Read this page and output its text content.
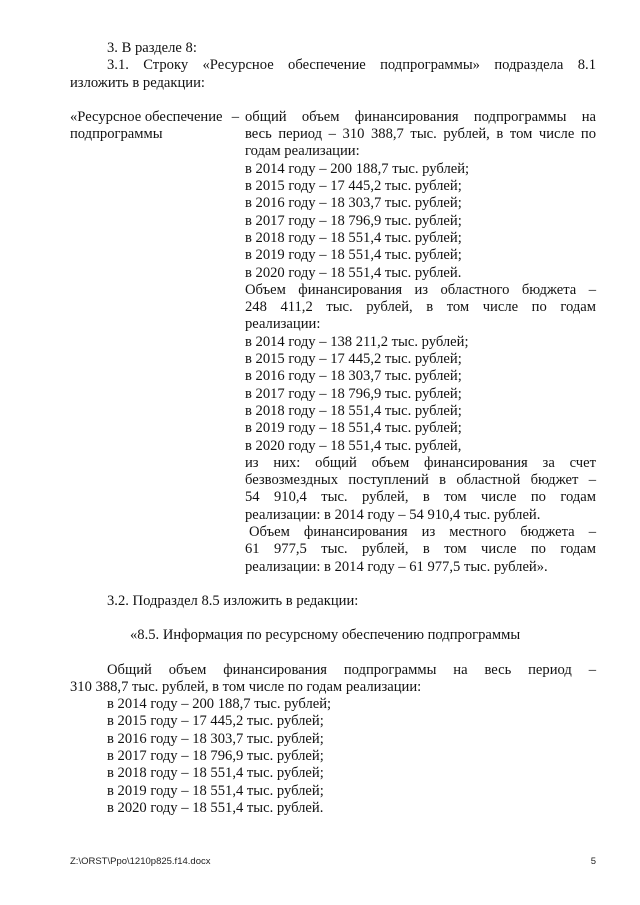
3. В разделе 8:
3.1. Строку «Ресурсное обеспечение подпрограммы» подраздела 8.1
изложить в редакции:
«Ресурсное обеспечение –
подпрограммы
общий объем финансирования подпрограммы на
весь период – 310 388,7 тыс. рублей, в том числе по
годам реализации:
в 2014 году – 200 188,7 тыс. рублей;
в 2015 году – 17 445,2 тыс. рублей;
в 2016 году – 18 303,7 тыс. рублей;
в 2017 году – 18 796,9 тыс. рублей;
в 2018 году – 18 551,4 тыс. рублей;
в 2019 году – 18 551,4 тыс. рублей;
в 2020 году – 18 551,4 тыс. рублей.
Объем финансирования из областного бюджета –
248 411,2 тыс. рублей, в том числе по годам
реализации:
в 2014 году – 138 211,2 тыс. рублей;
в 2015 году – 17 445,2 тыс. рублей;
в 2016 году – 18 303,7 тыс. рублей;
в 2017 году – 18 796,9 тыс. рублей;
в 2018 году – 18 551,4 тыс. рублей;
в 2019 году – 18 551,4 тыс. рублей;
в 2020 году – 18 551,4 тыс. рублей,
из них: общий объем финансирования за счет
безвозмездных поступлений в областной бюджет –
54 910,4 тыс. рублей, в том числе по годам
реализации: в 2014 году – 54 910,4 тыс. рублей.
Объем финансирования из местного бюджета –
61 977,5 тыс. рублей, в том числе по годам
реализации: в 2014 году – 61 977,5 тыс. рублей».
3.2. Подраздел 8.5 изложить в редакции:
«8.5. Информация по ресурсному обеспечению подпрограммы
Общий объем финансирования подпрограммы на весь период –
310 388,7 тыс. рублей, в том числе по годам реализации:
в 2014 году – 200 188,7 тыс. рублей;
в 2015 году – 17 445,2 тыс. рублей;
в 2016 году – 18 303,7 тыс. рублей;
в 2017 году – 18 796,9 тыс. рублей;
в 2018 году – 18 551,4 тыс. рублей;
в 2019 году – 18 551,4 тыс. рублей;
в 2020 году – 18 551,4 тыс. рублей.
Z:\ORST\Ppo\1210p825.f14.docx	5
